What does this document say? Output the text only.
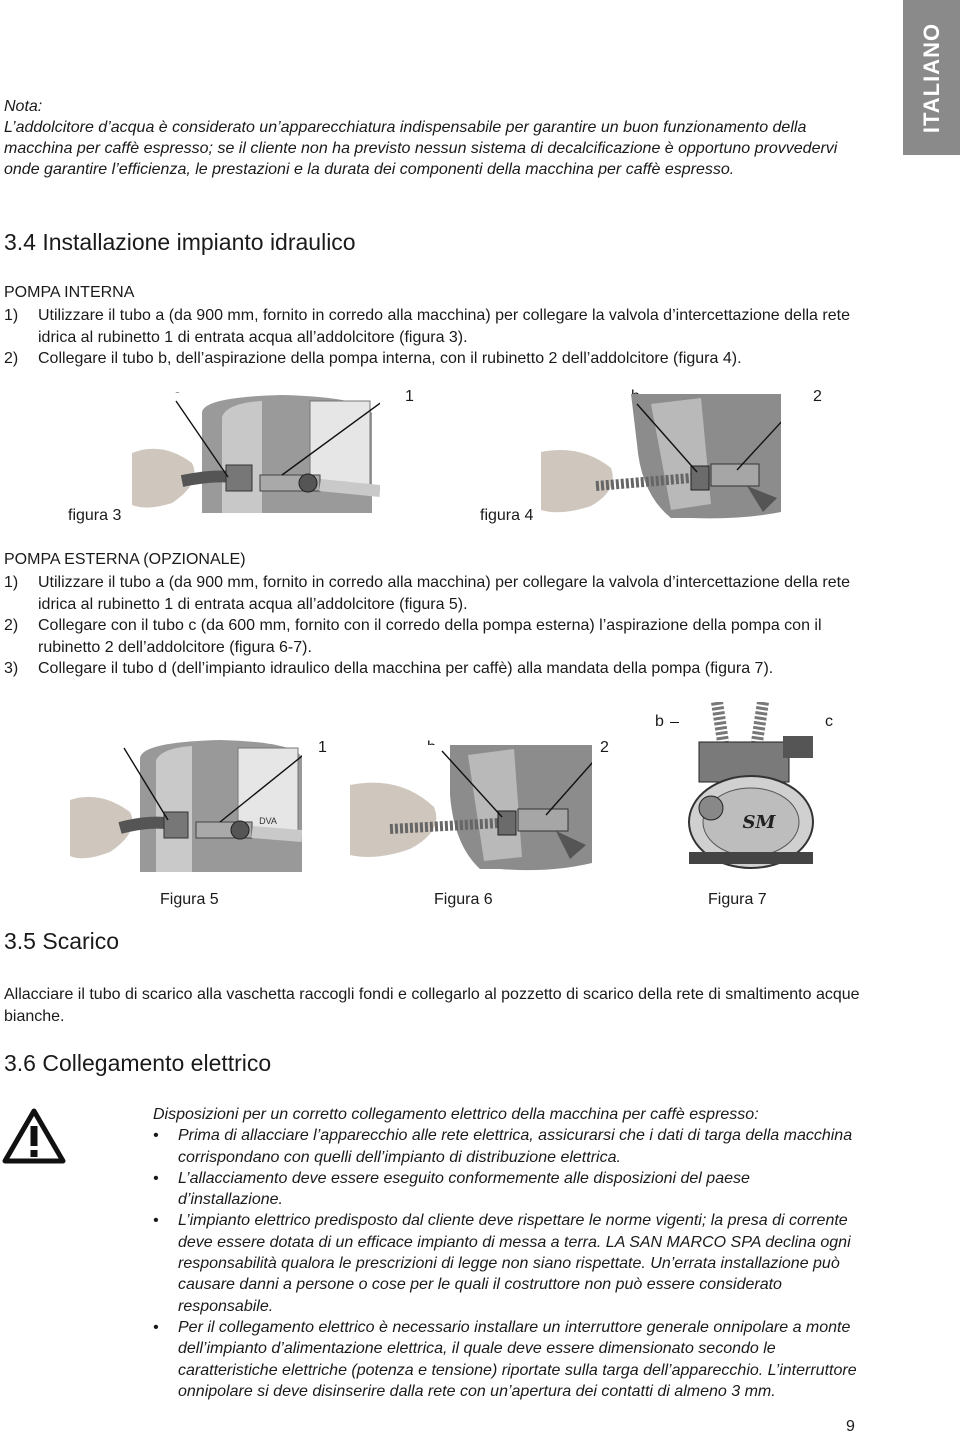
ITALIANO

Nota:

L’addolcitore d’acqua è considerato un’apparecchiatura indispensabile per garantire un buon funzionamento della macchina per caffè espresso; se il cliente non ha previsto nessun sistema di decalcificazione è opportuno provvedervi onde garantire l’efficienza, le prestazioni e la durata dei componenti della macchina per caffè espresso.

3.4 Installazione impianto idraulico
POMPA INTERNA
1) Utilizzare il tubo a (da 900 mm, fornito in corredo alla macchina) per collegare la valvola d’intercettazione della rete idrica al rubinetto 1 di entrata acqua all’addolcitore (figura 3).
2) Collegare il tubo b, dell’aspirazione della pompa interna, con il rubinetto 2 dell’addolcitore (figura 4).
1
figura 3
2
figura 4
POMPA ESTERNA (OPZIONALE)
1) Utilizzare il tubo a (da 900 mm, fornito in corredo alla macchina) per collegare la valvola d’intercettazione della rete idrica al rubinetto 1 di entrata acqua all’addolcitore (figura 5).
2) Collegare con il tubo c (da 600 mm, fornito con il corredo della pompa esterna) l’aspirazione della pompa con il rubinetto 2 dell’addolcitore (figura 6-7).
3) Collegare il tubo d (dell’impianto idraulico della macchina per caffè) alla mandata della pompa (figura 7).
1
DVA
2
b	c
SM
Figura 5	Figura 6	Figura 7
3.5 Scarico
Allacciare il tubo di scarico alla vaschetta raccogli fondi e collegarlo al pozzetto di scarico della rete di smaltimento acque bianche.
3.6 Collegamento elettrico

Disposizioni per un corretto collegamento elettrico della macchina per caffè espresso:

• Prima di allacciare l’apparecchio alle rete elettrica, assicurarsi che i dati di targa della macchina corrispondano con quelli dell’impianto di distribuzione elettrica.
• L’allacciamento deve essere eseguito conformemente alle disposizioni del paese d’installazione.
• L’impianto elettrico predisposto dal cliente deve rispettare le norme vigenti; la presa di corrente deve essere dotata di un efficace impianto di messa a terra. LA SAN MARCO SPA declina ogni responsabilità qualora le prescrizioni di legge non siano rispettate. Un’errata installazione può causare danni a persone o cose per le quali il costruttore non può essere considerato responsabile.
• Per il collegamento elettrico è necessario installare un interruttore generale onnipolare a monte dell’impianto d’alimentazione elettrica, il quale deve essere dimensionato secondo le caratteristiche elettriche (potenza e tensione) riportate sulla targa dell’apparecchio. L’interruttore onnipolare si deve disinserire dalla rete con un’apertura dei contatti di almeno 3 mm.
9
